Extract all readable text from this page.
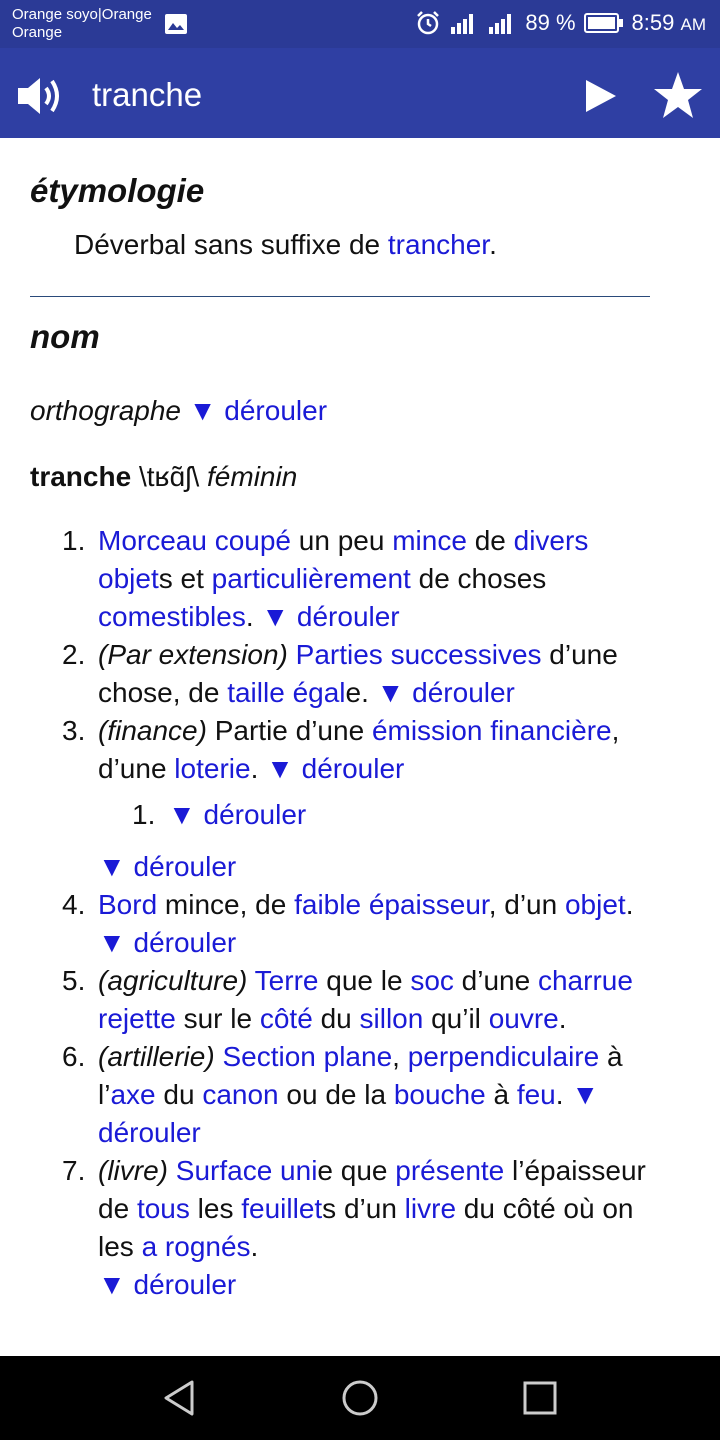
Orange soyo|Orange
Orange	89 %	8:59 AM
tranche
étymologie
Déverbal sans suffixe de trancher.
nom
orthographe ▼ dérouler
tranche \tʁɑ̃ʃ\ féminin
1. Morceau coupé un peu mince de divers objets et particulièrement de choses comestibles. ▼ dérouler
2. (Par extension) Parties successives d’une chose, de taille égale. ▼ dérouler
3. (finance) Partie d’une émission financière, d’une loterie. ▼ dérouler
1. ▼ dérouler
▼ dérouler
4. Bord mince, de faible épaisseur, d’un objet. ▼ dérouler
5. (agriculture) Terre que le soc d’une charrue rejette sur le côté du sillon qu’il ouvre.
6. (artillerie) Section plane, perpendiculaire à l’axe du canon ou de la bouche à feu. ▼ dérouler
7. (livre) Surface unie que présente l’épaisseur de tous les feuillets d’un livre du côté où on les a rognés.
▼ dérouler
